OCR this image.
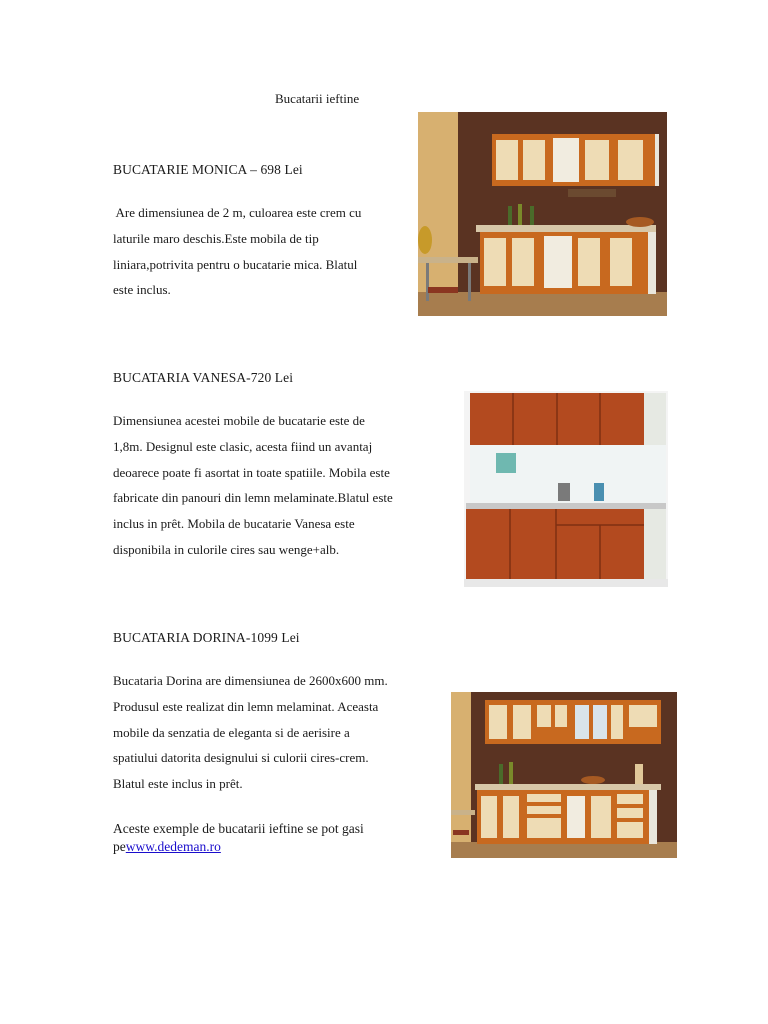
Bucatarii ieftine
BUCATARIE MONICA – 698 Lei
Are dimensiunea de 2 m, culoarea este crem cu
laturile maro deschis.Este mobila de tip
liniara,potrivita pentru o bucatarie mica. Blatul
este inclus.
BUCATARIA VANESA-720 Lei
Dimensiunea acestei mobile de bucatarie este de
1,8m. Designul este clasic, acesta fiind un avantaj
deoarece poate fi asortat in toate spatiile. Mobila este
fabricate din panouri din lemn melaminate.Blatul este
inclus in prêt. Mobila de bucatarie Vanesa este
disponibila in culorile cires sau wenge+alb.
BUCATARIA DORINA-1099 Lei
Bucataria Dorina are dimensiunea de 2600x600 mm.
Produsul este realizat din lemn melaminat. Aceasta
mobile da senzatia de eleganta si de aerisire a
spatiului datorita designului si culorii cires-crem.
Blatul este inclus in prêt.
Aceste exemple de bucatarii ieftine se pot gasi
pewww.dedeman.ro
